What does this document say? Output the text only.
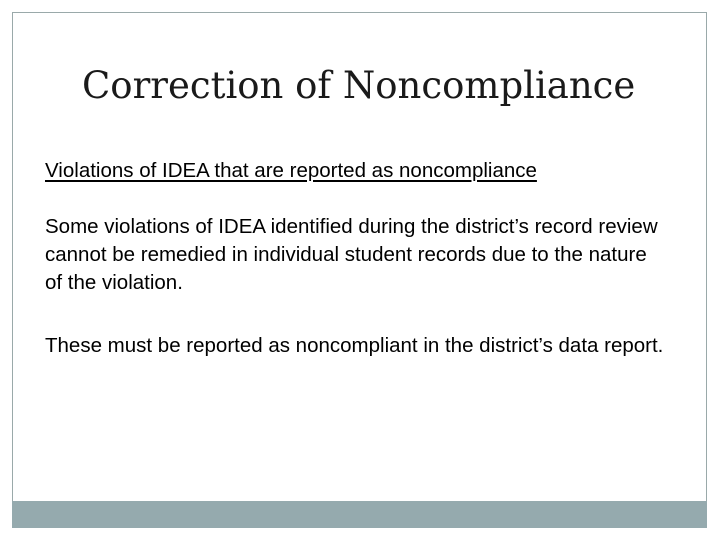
Correction of Noncompliance

Violations of IDEA that are reported as noncompliance

Some violations of IDEA identified during the district’s record review cannot be remedied in individual student records due to the nature of the violation.

These must be reported as noncompliant in the district’s data report.
